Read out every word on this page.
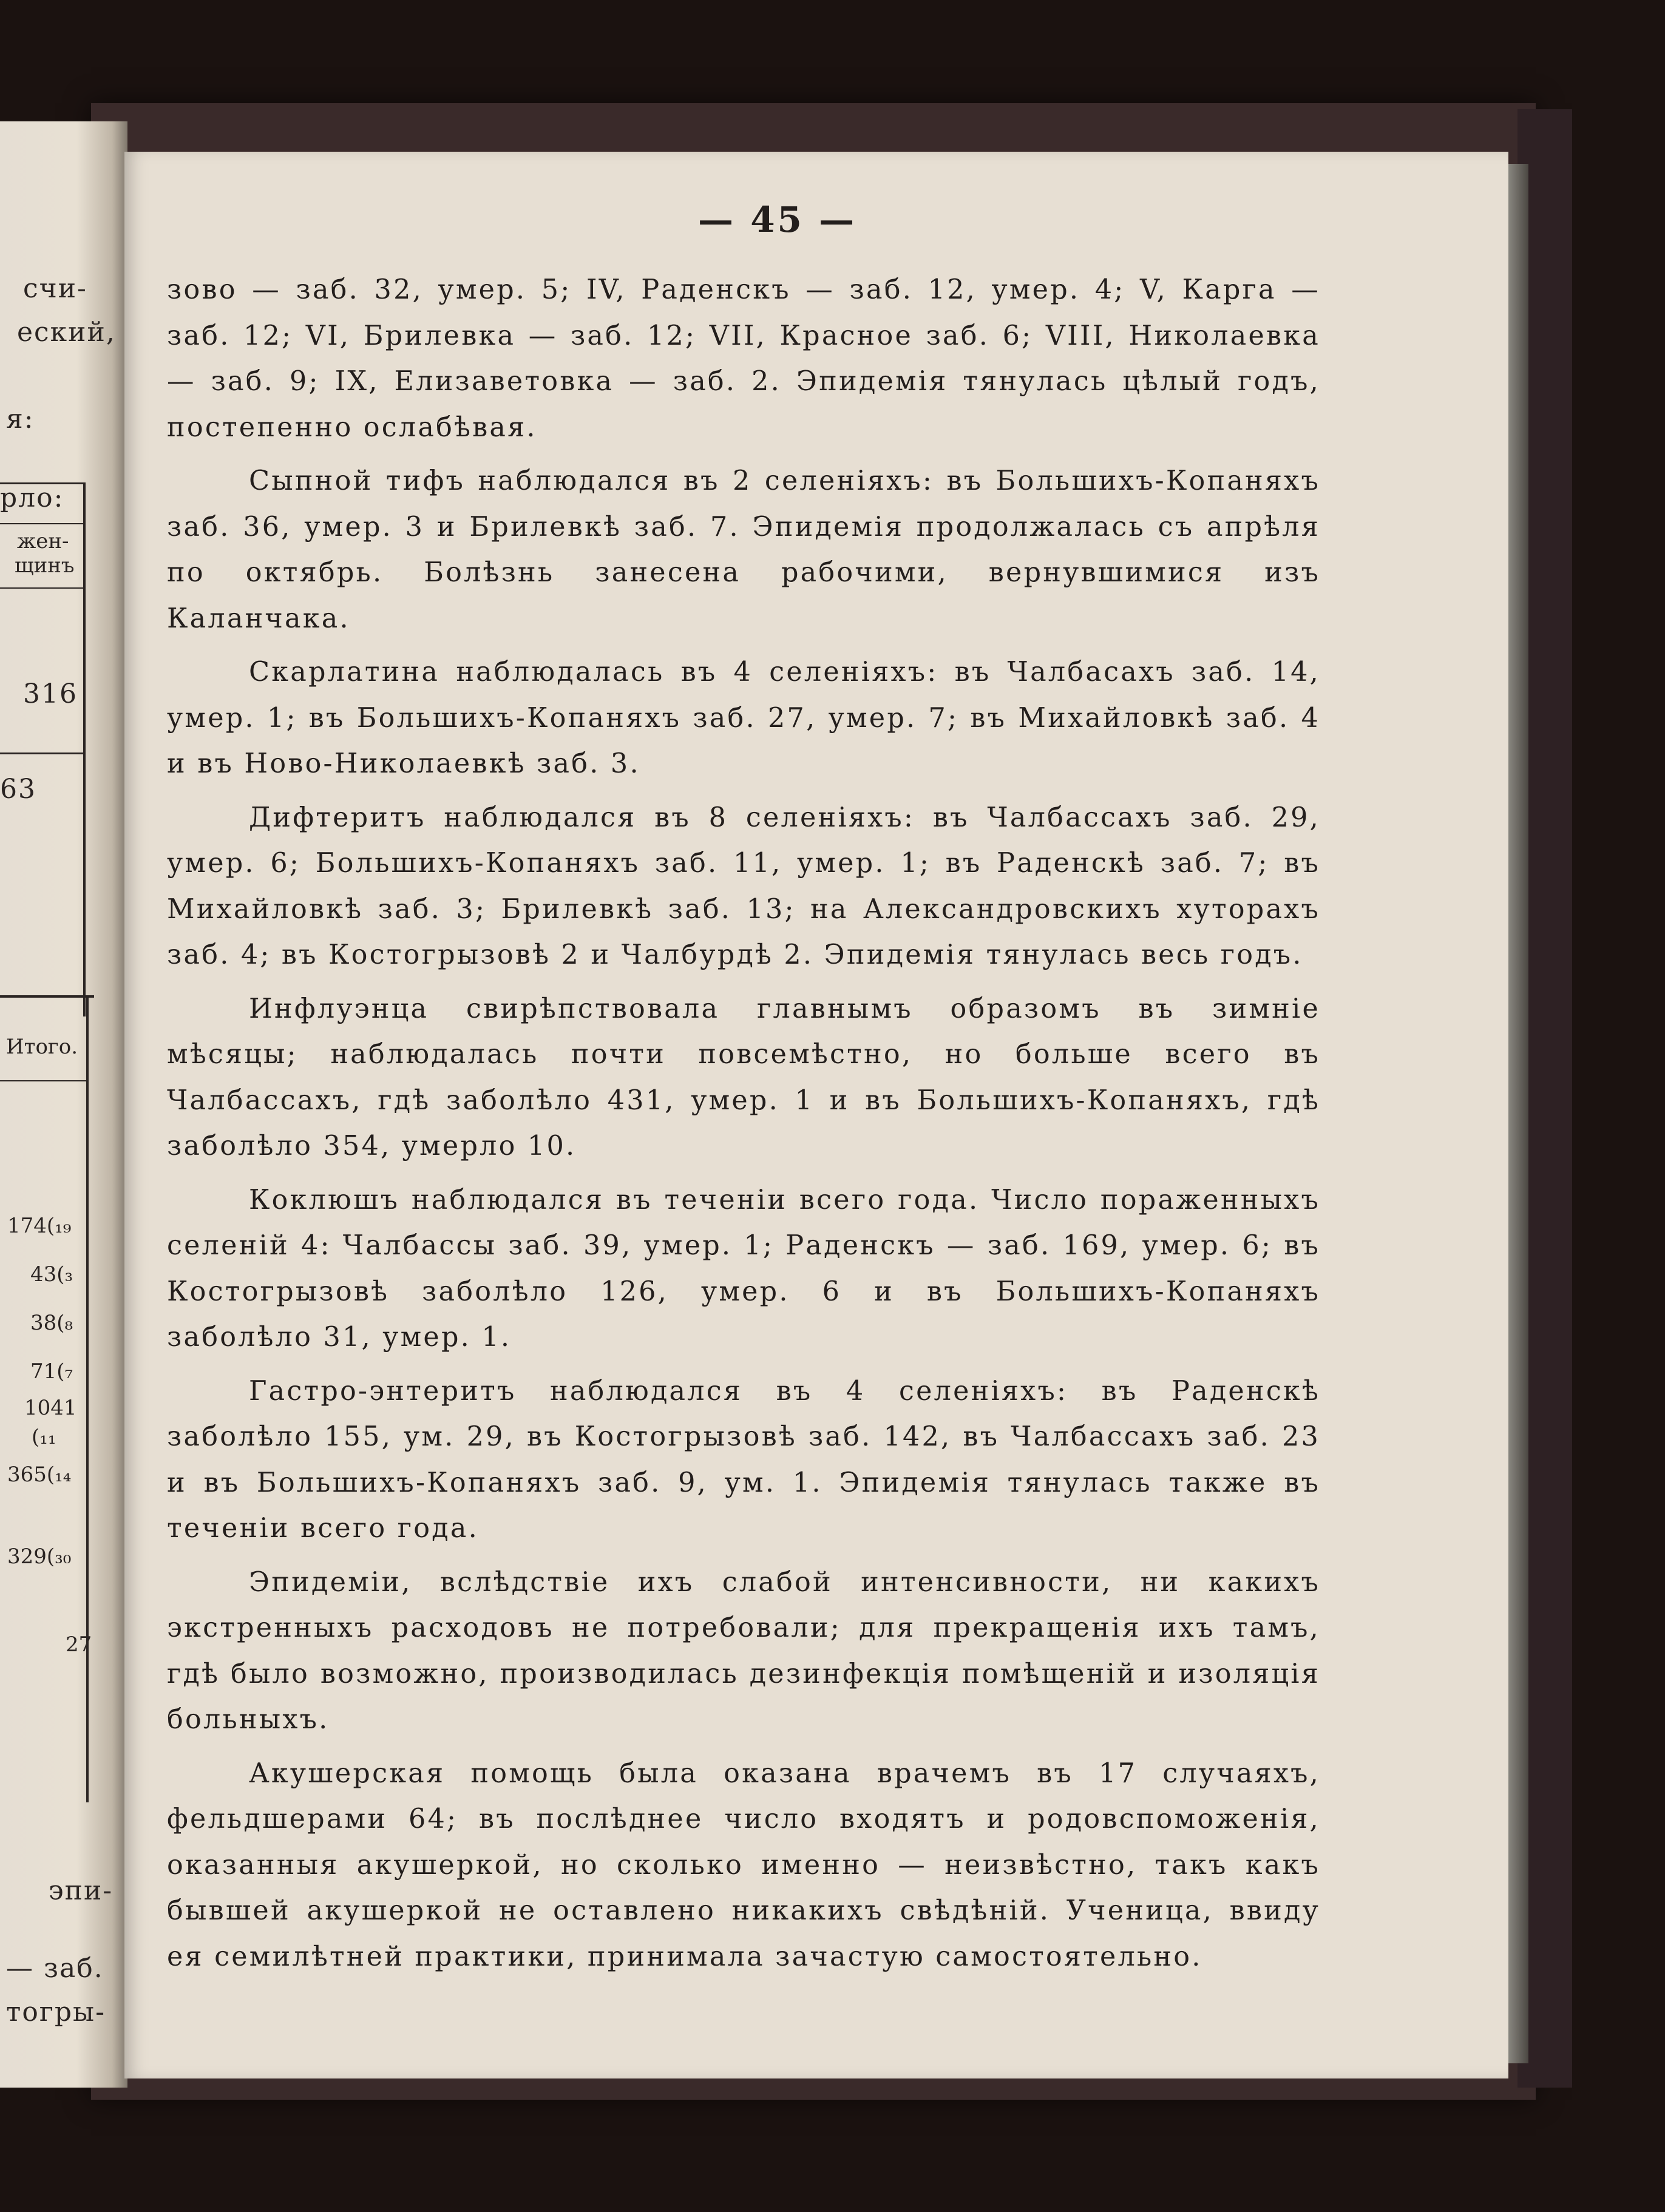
счи-
еский,
я:
рло:
жен-
щинъ
316
63
Итого.
174(₁₉
43(₃
38(₈
71(₇
1041
(₁₁
365(₁₄
329(₃₀
27
эпи-
— заб.
тогры-
— 45 —

зово — заб. 32, умер. 5; IV, Раденскъ — заб. 12, умер. 4; V, Карга — заб. 12; VI, Брилевка — заб. 12; VII, Красное заб. 6; VIII, Николаевка — заб. 9; IX, Елизаветовка — заб. 2. Эпидемія тянулась цѣлый годъ, постепенно ослабѣвая.

Сыпной тифъ наблюдался въ 2 селеніяхъ: въ Большихъ-Копаняхъ заб. 36, умер. 3 и Брилевкѣ заб. 7. Эпидемія продолжалась съ апрѣля по октябрь. Болѣзнь занесена рабочими, вернувшимися изъ Каланчака.

Скарлатина наблюдалась въ 4 селеніяхъ: въ Чалбасахъ заб. 14, умер. 1; въ Большихъ-Копаняхъ заб. 27, умер. 7; въ Михайловкѣ заб. 4 и въ Ново-Николаевкѣ заб. 3.

Дифтеритъ наблюдался въ 8 селеніяхъ: въ Чалбассахъ заб. 29, умер. 6; Большихъ-Копаняхъ заб. 11, умер. 1; въ Раденскѣ заб. 7; въ Михайловкѣ заб. 3; Брилевкѣ заб. 13; на Александровскихъ хуторахъ заб. 4; въ Костогрызовѣ 2 и Чалбурдѣ 2. Эпидемія тянулась весь годъ.

Инфлуэнца свирѣпствовала главнымъ образомъ въ зимніе мѣсяцы; наблюдалась почти повсемѣстно, но больше всего въ Чалбассахъ, гдѣ заболѣло 431, умер. 1 и въ Большихъ-Копаняхъ, гдѣ заболѣло 354, умерло 10.

Коклюшъ наблюдался въ теченіи всего года. Число пораженныхъ селеній 4: Чалбассы заб. 39, умер. 1; Раденскъ — заб. 169, умер. 6; въ Костогрызовѣ заболѣло 126, умер. 6 и въ Большихъ-Копаняхъ заболѣло 31, умер. 1.

Гастро-энтеритъ наблюдался въ 4 селеніяхъ: въ Раденскѣ заболѣло 155, ум. 29, въ Костогрызовѣ заб. 142, въ Чалбассахъ заб. 23 и въ Большихъ-Копаняхъ заб. 9, ум. 1. Эпидемія тянулась также въ теченіи всего года.

Эпидеміи, вслѣдствіе ихъ слабой интенсивности, ни какихъ экстренныхъ расходовъ не потребовали; для прекращенія ихъ тамъ, гдѣ было возможно, производилась дезинфекція помѣщеній и изоляція больныхъ.

Акушерская помощь была оказана врачемъ въ 17 случаяхъ, фельдшерами 64; въ послѣднее число входятъ и родовспоможенія, оказанныя акушеркой, но сколько именно — неизвѣстно, такъ какъ бывшей акушеркой не оставлено никакихъ свѣдѣній. Ученица, ввиду ея семилѣтней практики, принимала зачастую самостоятельно.
